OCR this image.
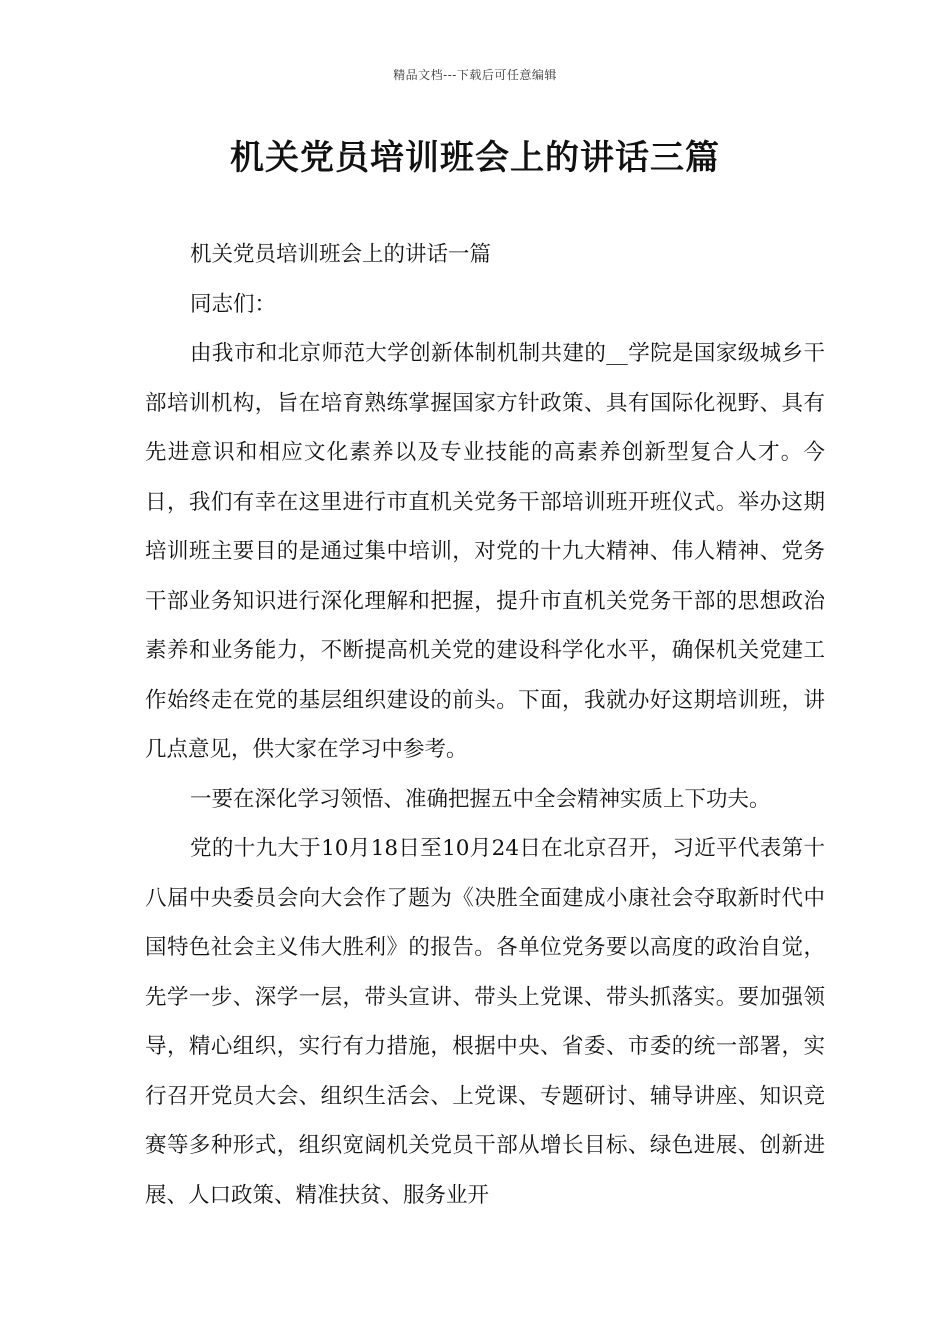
精品文档---下载后可任意编辑
机关党员培训班会上的讲话三篇

机关党员培训班会上的讲话一篇

同志们：

由我市和北京师范大学创新体制机制共建的__学院是国家级城乡干部培训机构，旨在培育熟练掌握国家方针政策、具有国际化视野、具有先进意识和相应文化素养以及专业技能的高素养创新型复合人才。今日，我们有幸在这里进行市直机关党务干部培训班开班仪式。举办这期培训班主要目的是通过集中培训，对党的十九大精神、伟人精神、党务干部业务知识进行深化理解和把握，提升市直机关党务干部的思想政治素养和业务能力，不断提高机关党的建设科学化水平，确保机关党建工作始终走在党的基层组织建设的前头。下面，我就办好这期培训班，讲几点意见，供大家在学习中参考。

一要在深化学习领悟、准确把握五中全会精神实质上下功夫。

党的十九大于10月18日至10月24日在北京召开，习近平代表第十八届中央委员会向大会作了题为《决胜全面建成小康社会夺取新时代中国特色社会主义伟大胜利》的报告。各单位党务要以高度的政治自觉，先学一步、深学一层，带头宣讲、带头上党课、带头抓落实。要加强领导，精心组织，实行有力措施，根据中央、省委、市委的统一部署，实行召开党员大会、组织生活会、上党课、专题研讨、辅导讲座、知识竞赛等多种形式，组织宽阔机关党员干部从增长目标、绿色进展、创新进展、人口政策、精准扶贫、服务业开
